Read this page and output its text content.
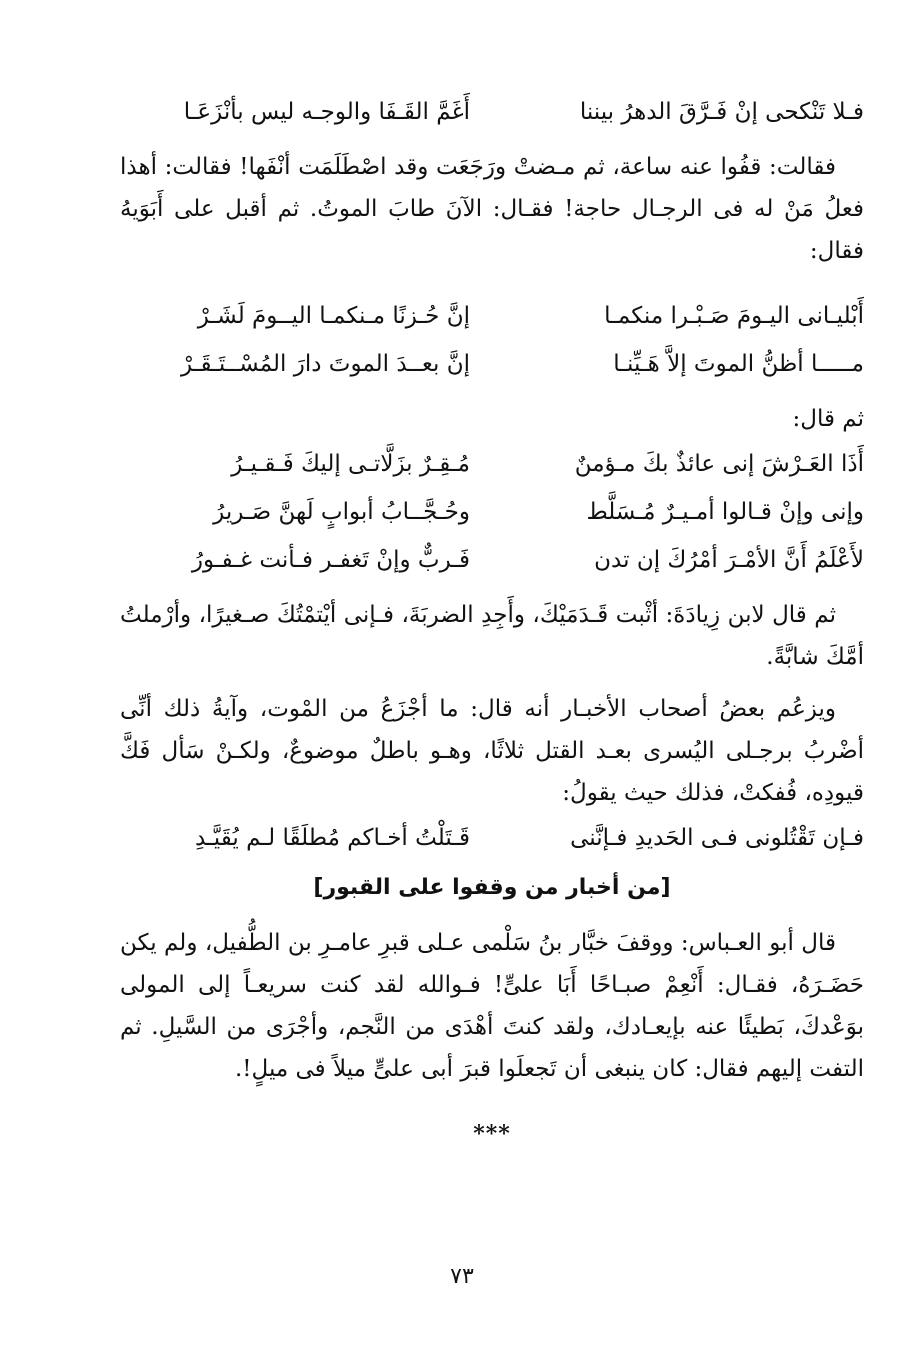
فـلا تَنْكحى إنْ فَـرَّقَ الدهرُ بيننا
أَغَمَّ القَـفَا والوجـه ليس بأنْزَعَـا

فقالت: قفُوا عنه ساعة، ثم مـضتْ ورَجَعَت وقد اصْطَلَمَت أنْفَها! فقالت: أهذا فعلُ مَنْ له فى الرجـال حاجة! فقـال: الآنَ طابَ الموتُ. ثم أقبل على أَبَوَيهُ فقال:

أَبْليـانى اليـومَ صَـبْـرا منكمـا
إنَّ حُـزنًا مـنكمـا اليــومَ لَشَـرْ
مـــــا أظنُّ الموتَ إلاَّ هَـيِّنـا
إنَّ بعــدَ الموتَ دارَ المُسْــتَـقَـرْ

ثم قال:

أَذَا العَـرْشَ إنى عائذٌ بكَ مـؤمنٌ
مُـقِـرٌ بزَلَّاتـى إليكَ فَـقـيـرُ
وإنى وإنْ قـالوا أمـيـرٌ مُـسَلَّط
وحُـجَّــابُ أبوابٍ لَهنَّ صَـريرُ
لأَعْلَمُ أَنَّ الأمْـرَ أمْرُكَ إن تدن
فَـربٌّ وإنْ تَغفـر فـأنت غـفـورُ

ثم قال لابن زِيادَةَ: أثْبت قَـدَمَيْكَ، وأَجِدِ الضربَةَ، فـإنى أيْتمْتُكَ صـغيرًا، وأرْملتُ أمَّكَ شابَّةً.

ويزعُم بعضُ أصحاب الأخبـار أنه قال: ما أجْزَعُ من المْوت، وآيةُ ذلك أنِّى أضْربُ برجـلى اليُسرى بعـد القتل ثلاثًا، وهـو باطلٌ موضوعٌ، ولكـنْ سَأل فَكَّ قيودِه، فُفكتْ، فذلك حيث يقولُ:

فـإن تَقْتُلونى فـى الحَديدِ فـإنَّنى
قَـتَلْتُ أخـاكم مُطلَقًا لـم يُقَيَّـدِ
[من أخبار من وقفوا على القبور]

قال أبو العـباس: ووقفَ خبَّار بنُ سَلْمى عـلى قبرِ عامـرِ بن الطُّفيل، ولم يكن حَضَـرَهُ، فقـال: أَنْعِمْ صبـاحًا أَبَا علىٍّ! فـوالله لقد كنت سريعـاً إلى المولى بوَعْدكَ، بَطيئًا عنه بإيعـادك، ولقد كنتَ أهْدَى من النَّجم، وأجْرَى من السَّيلِ. ثم التفت إليهم فقال: كان ينبغى أن تَجعلَوا قبرَ أبى علىٍّ ميلاً فى ميلٍ!.

***
٧٣
